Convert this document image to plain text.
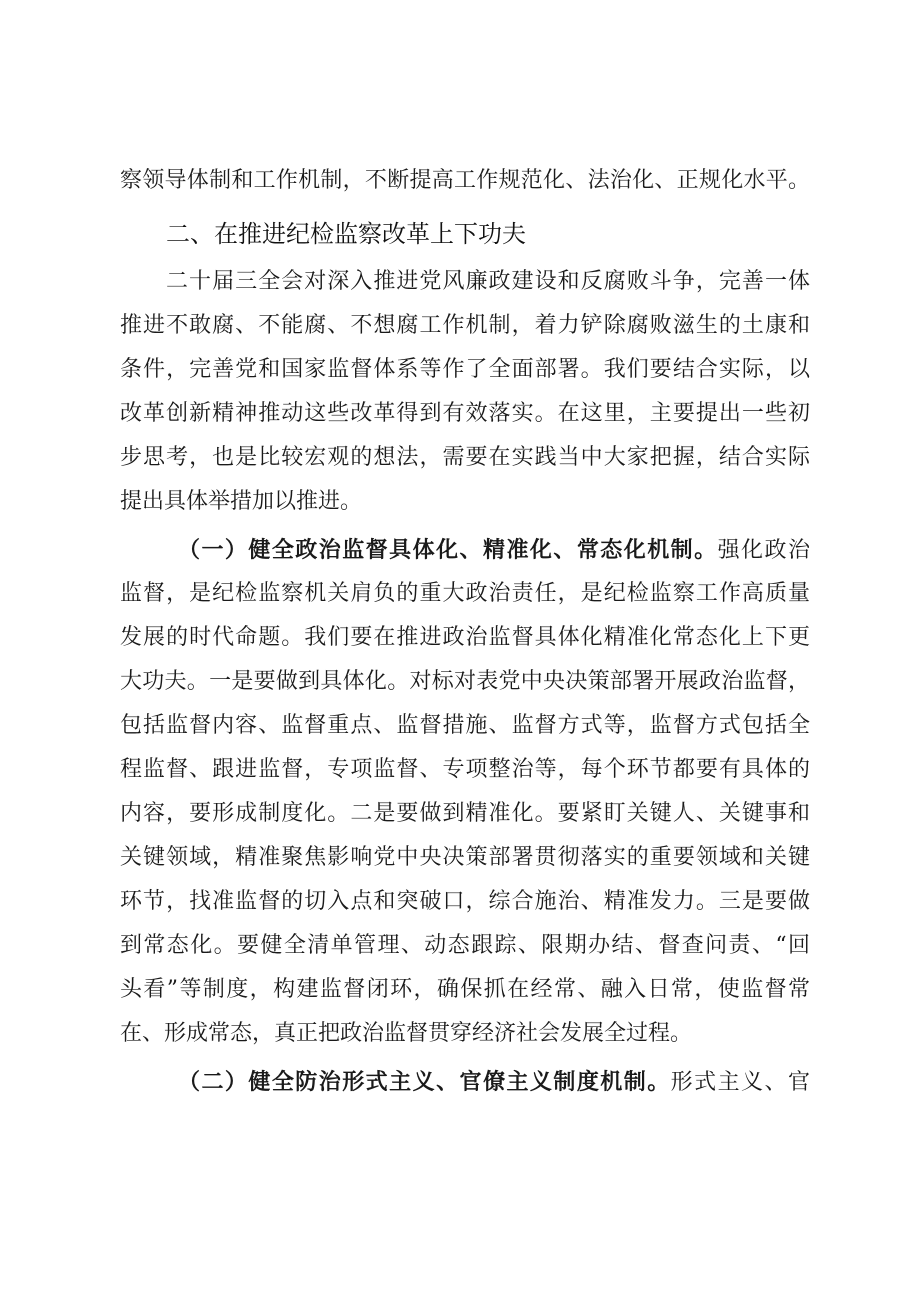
察领导体制和工作机制，不断提高工作规范化、法治化、正规化水平。
二、在推进纪检监察改革上下功夫
二十届三全会对深入推进党风廉政建设和反腐败斗争，完善一体
推进不敢腐、不能腐、不想腐工作机制，着力铲除腐败滋生的土康和
条件，完善党和国家监督体系等作了全面部署。我们要结合实际，以
改革创新精神推动这些改革得到有效落实。在这里，主要提出一些初
步思考，也是比较宏观的想法，需要在实践当中大家把握，结合实际
提出具体举措加以推进。
（一）健全政治监督具体化、精准化、常态化机制。强化政治
监督，是纪检监察机关肩负的重大政治责任，是纪检监察工作高质量
发展的时代命题。我们要在推进政治监督具体化精准化常态化上下更
大功夫。一是要做到具体化。对标对表党中央决策部署开展政治监督，
包括监督内容、监督重点、监督措施、监督方式等，监督方式包括全
程监督、跟进监督，专项监督、专项整治等，每个环节都要有具体的
内容，要形成制度化。二是要做到精准化。要紧盯关键人、关键事和
关键领域，精准聚焦影响党中央决策部署贯彻落实的重要领域和关键
环节，找准监督的切入点和突破口，综合施治、精准发力。三是要做
到常态化。要健全清单管理、动态跟踪、限期办结、督查问责、“回
头看”等制度，构建监督闭环，确保抓在经常、融入日常，使监督常
在、形成常态，真正把政治监督贯穿经济社会发展全过程。
（二）健全防治形式主义、官僚主义制度机制。形式主义、官
